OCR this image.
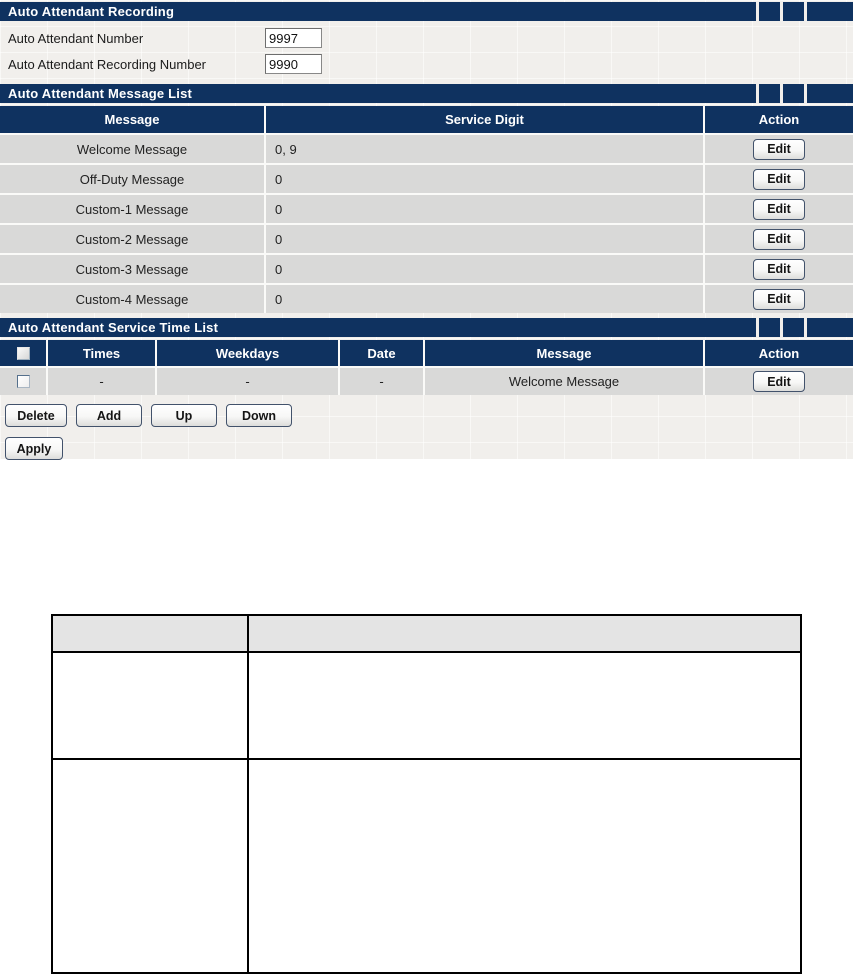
Auto Attendant Recording
Auto Attendant Number
9997
Auto Attendant Recording Number
9990
Auto Attendant Message List
Message	Service Digit	Action
Welcome Message	0, 9	Edit
Off-Duty Message	0	Edit
Custom-1 Message	0	Edit
Custom-2 Message	0	Edit
Custom-3 Message	0	Edit
Custom-4 Message	0	Edit
Auto Attendant Service Time List
Times	Weekdays	Date	Message	Action
-	-	-	Welcome Message	Edit
Delete	Add	Up	Down
Apply
